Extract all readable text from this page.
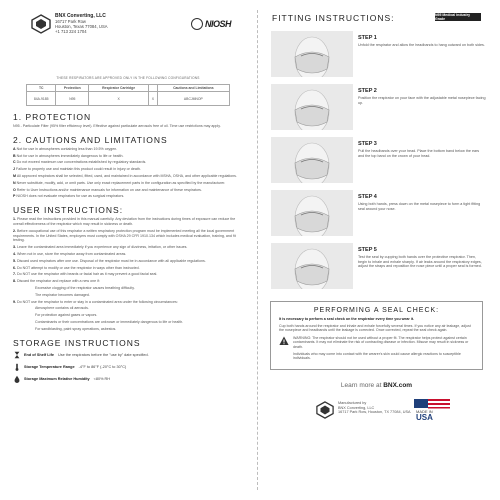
BNX Converting, LLC
16717 Park Row
Houston, Texas 77084, USA
+1 713 224 1704
NIOSH
THESE RESPIRATORS ARE APPROVED ONLY IN THE FOLLOWING CONFIGURATIONS
TC	Protection	Respirator Cartridge		Cautions and Limitations
84A-9185	N95	X	X	ABCJMNOP
1. PROTECTION
N95 - Particulate Filter (95% filter efficiency level). Effective against particulate aerosols free of oil. Time use restrictions may apply.
2. CAUTIONS AND LIMITATIONS
A Not for use in atmospheres containing less than 19.5% oxygen.
B Not for use in atmospheres immediately dangerous to life or health.
C Do not exceed maximum use concentrations established by regulatory standards.
J Failure to properly use and maintain this product could result in injury or death.
M All approved respirators shall be selected, fitted, used, and maintained in accordance with MSHA, OSHA, and other applicable regulations.
N Never substitute, modify, add, or omit parts. Use only exact replacement parts in the configuration as specified by the manufacturer.
O Refer to User Instructions and/or maintenance manuals for information on use and maintenance of these respirators.
P NIOSH does not evaluate respirators for use as surgical respirators.
USER INSTRUCTIONS:
1. Please read the instructions provided in this manual carefully. Any deviation from the instructions during times of exposure can reduce the overall effectiveness of the respirator which may result in sickness or death.
2. Before occupational use of this respirator a written respiratory protection program must be implemented meeting all the local government requirements. In the United States, employers must comply with OSHA 29 CFR 1910.134 which includes medical evaluation, training, and fit testing.
3. Leave the contaminated area immediately if you experience any sign of dizziness, irritation, or other issues.
4. When not in use, store the respirator away from contaminated areas.
5. Discard used respirators after one use. Disposal of the respirator must be in accordance with all applicable regulations.
6. Do NOT attempt to modify or use the respirator in ways other than instructed.
7. Do NOT use the respirator with beards or facial hair as it may prevent a good facial seal.
8. Discard the respirator and replace with a new one if:
Excessive clogging of the respirator causes breathing difficulty.
The respirator becomes damaged.
9. Do NOT use the respirator to enter or stay in a contaminated area under the following circumstances:
Atmosphere contains oil aerosols.
For protection against gases or vapors.
Contaminants or their concentrations are unknown or immediately dangerous to life or health.
For sandblasting, paint spray operations, asbestos.
STORAGE INSTRUCTIONS
End of Shelf Life Use the respirators before the "use by" date specified.
Storage Temperature Range -4°F to 86°F (-20°C to 30°C)
Storage Maximum Relative Humidity <80% RH
FITTING INSTRUCTIONS:	N95 Medical Industry Grade
STEP 1
Unfold the respirator and allow the headbands to hang outward on both sides.
STEP 2
Position the respirator on your face with the adjustable metal nosepiece facing up.
STEP 3
Pull the headbands over your head. Place the bottom band below the ears and the top band on the crown of your head.
STEP 4
Using both hands, press down on the metal nosepiece to form a tight fitting seal around your nose.
STEP 5
Test the seal by cupping both hands over the protective respirator. Then, begin to inhale and exhale sharply. If air leaks around the respiratory edges, adjust the straps and reposition the nose piece until a proper seal is formed.
PERFORMING A SEAL CHECK:

It is necessary to perform a seal check on the respirator every time you wear it.

Cup both hands around the respirator and inhale and exhale forcefully several times. If you notice any air leakage, adjust the nosepiece and headbands until the leakage is corrected. Once corrected, repeat the seal check again.

WARNING: The respirator should not be used without a proper fit. The respirator helps protect against certain contaminants. It may not eliminate the risk of contracting disease or infection. Misuse may result in sickness or death.

Individuals who may come into contact with the wearer's skin could cause allergic reactions to susceptible individuals.

Learn more at BNX.com
Manufactured by
BNX Converting, LLC
16717 Park Row, Houston, TX 77084, USA MADE IN
USA
